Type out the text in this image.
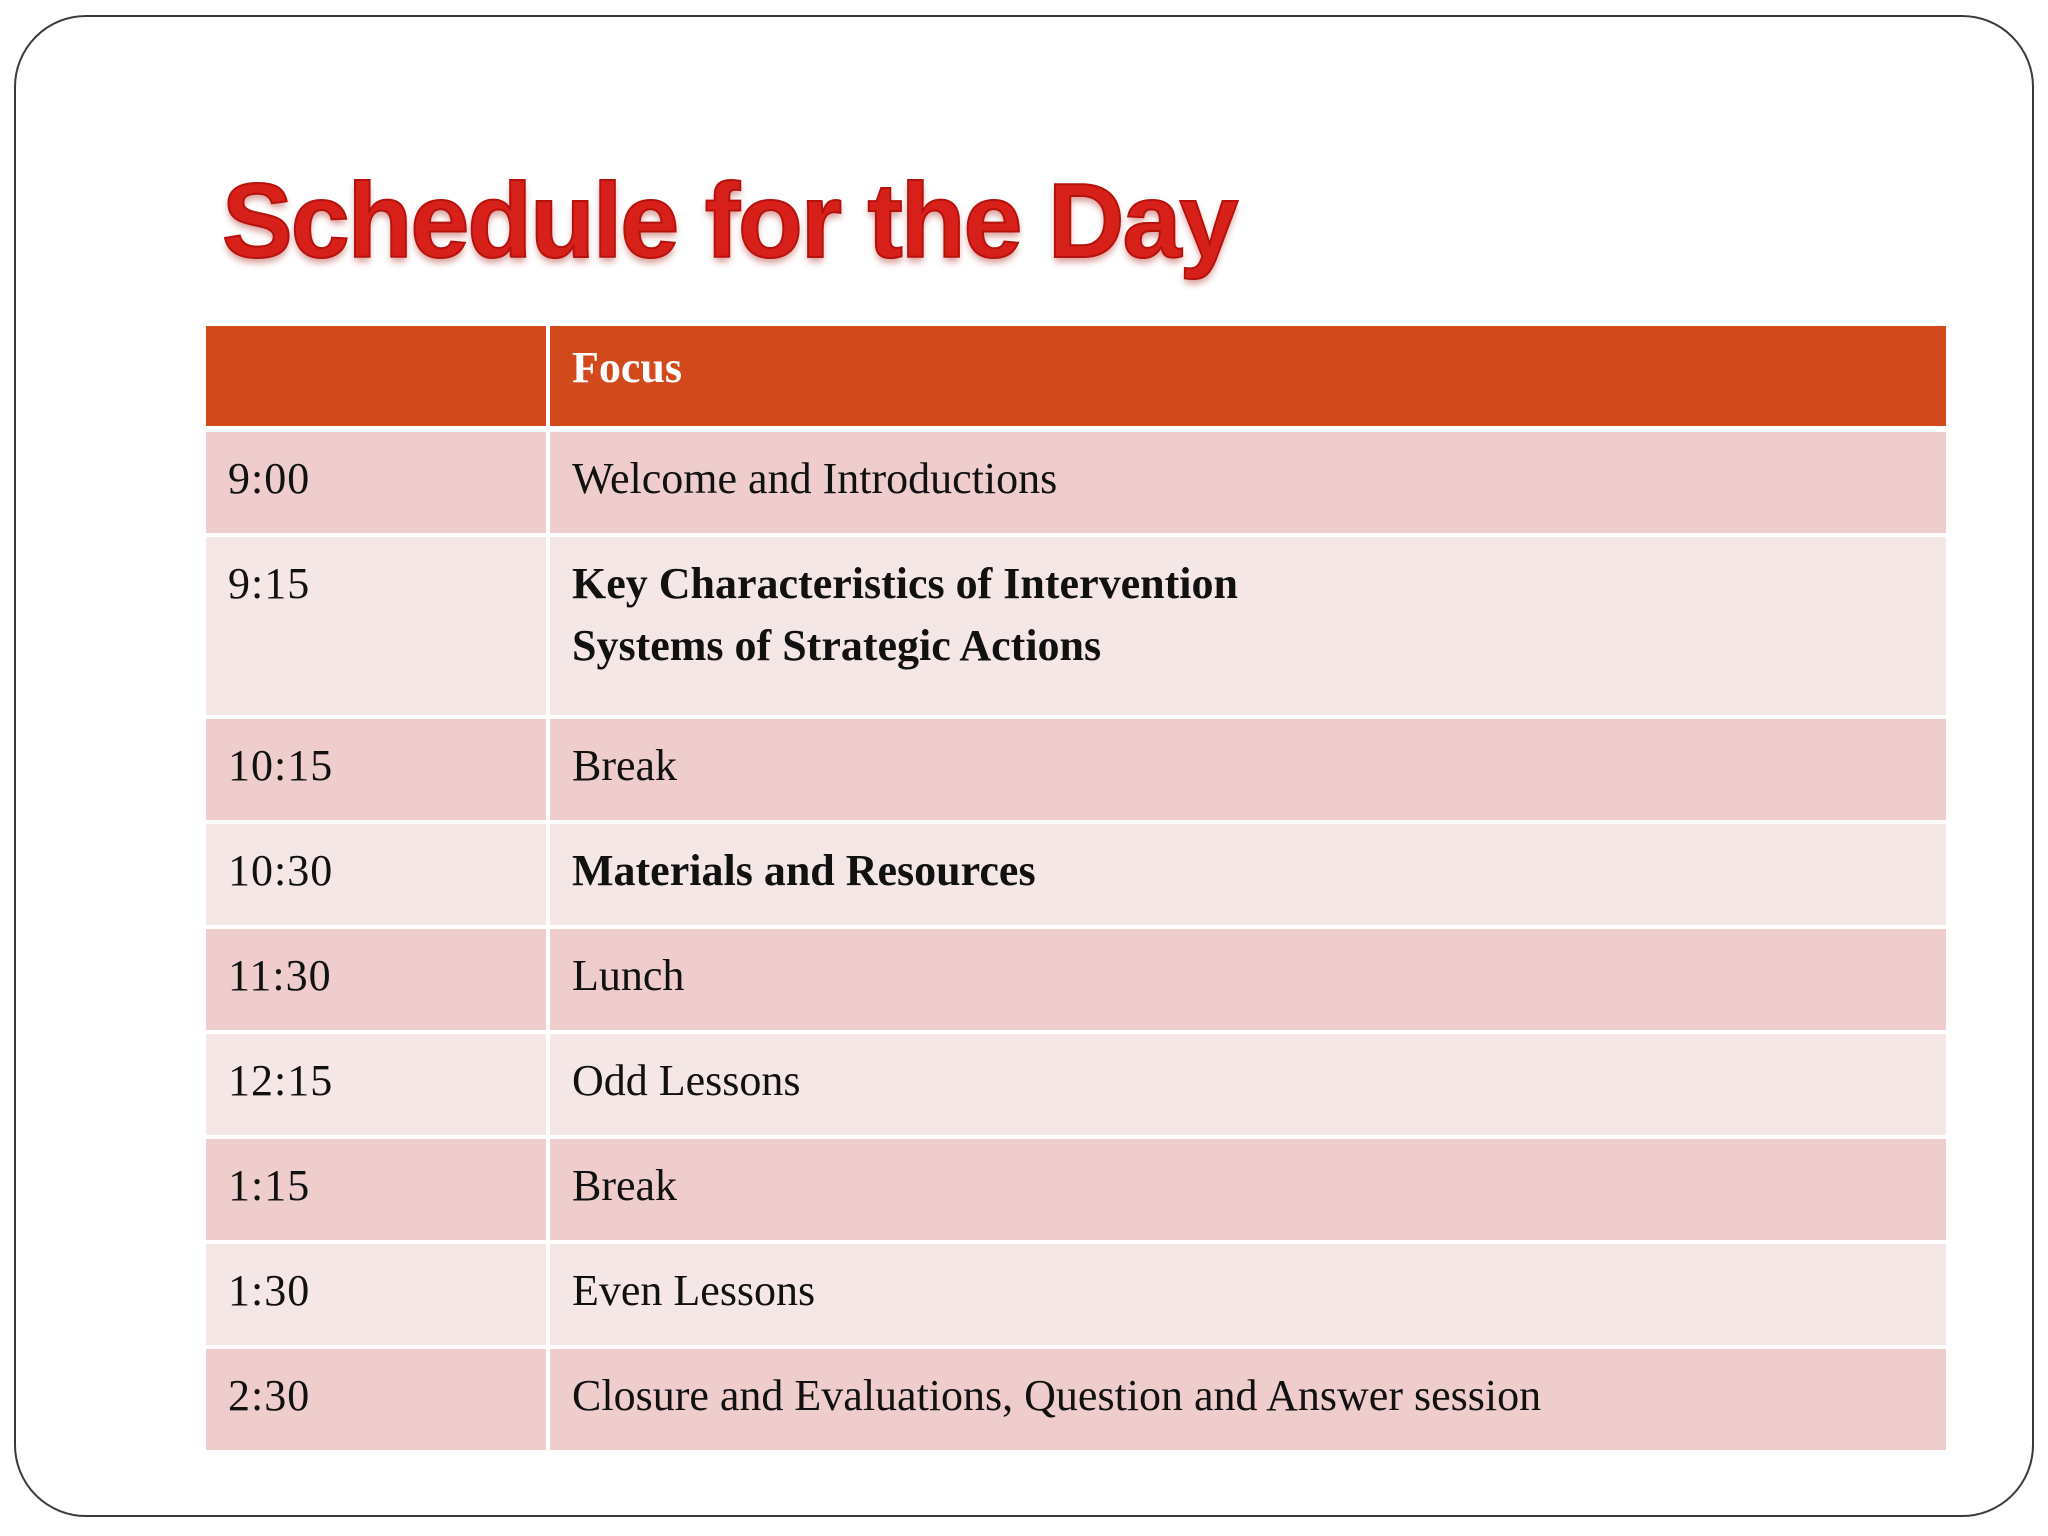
Schedule for the Day
	Focus
9:00	Welcome and Introductions

9:15	Key Characteristics of Intervention
Systems of Strategic Actions

10:15	Break

10:30	Materials and Resources

11:30	Lunch

12:15	Odd Lessons

1:15	Break

1:30	Even Lessons

2:30	Closure and Evaluations, Question and Answer session
